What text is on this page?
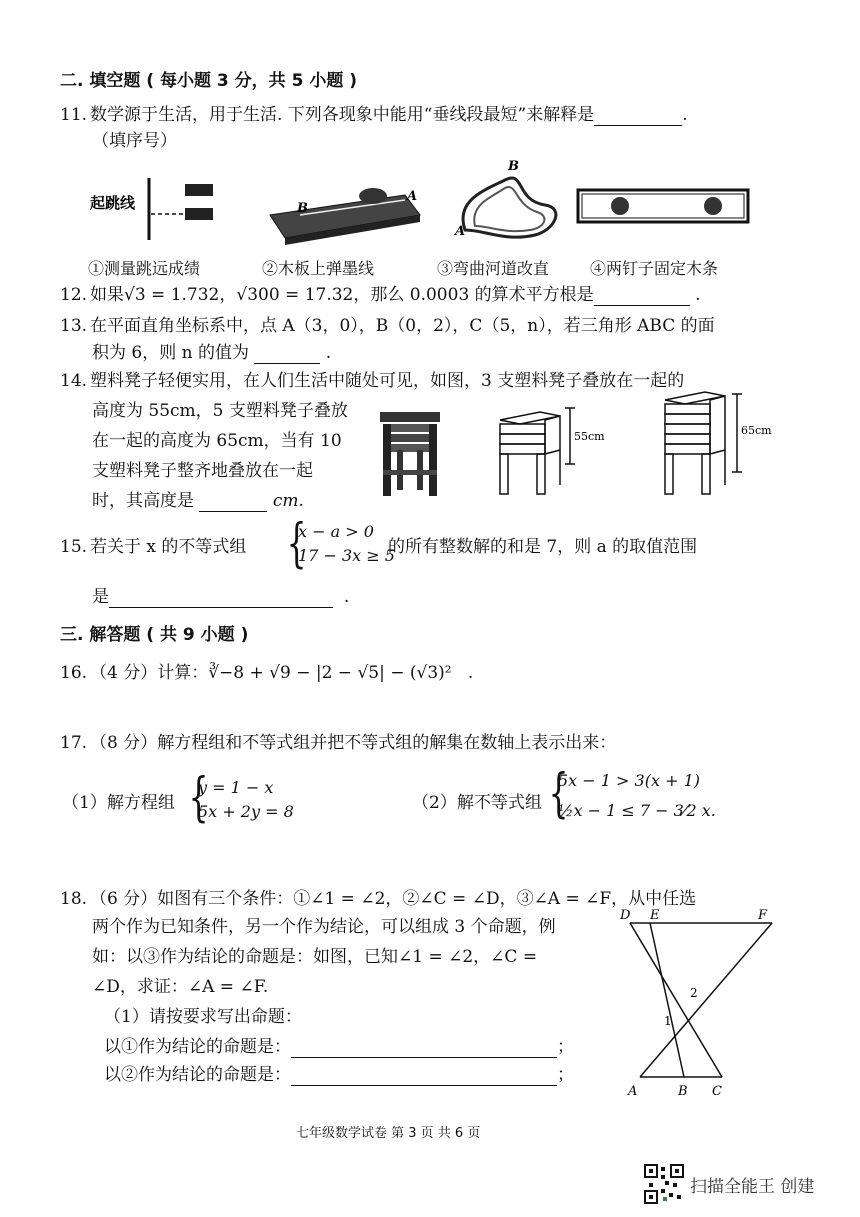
二. 填空题 ( 每小题 3 分，共 5 小题 )
11. 数学源于生活，用于生活. 下列各现象中能用“垂线段最短”来解释是	.
（填序号）
起跳线	B
A
B
A
①测量跳远成绩	②木板上弹墨线	③弯曲河道改直	④两钉子固定木条
12. 如果√3 = 1.732，√300 = 17.32，那么 0.0003 的算术平方根是	.
13. 在平面直角坐标系中，点 A（3，0），B（0，2），C（5，n），若三角形 ABC 的面
积为 6，则 n 的值为	.
14. 塑料凳子轻便实用，在人们生活中随处可见，如图，3 支塑料凳子叠放在一起的
高度为 55cm，5 支塑料凳子叠放
在一起的高度为 65cm，当有 10
支塑料凳子整齐地叠放在一起
时，其高度是	cm.
55cm	65cm
15. 若关于 x 的不等式组 {
x − a > 0
17 − 3x ≥ 5
的所有整数解的和是 7，则 a 的取值范围
是	.
三. 解答题 ( 共 9 小题 )
16. （4 分）计算：∛−8 + √9 − |2 − √5| − (√3)² .
17. （8 分）解方程组和不等式组并把不等式组的解集在数轴上表示出来：
（1）解方程组 {
y = 1 − x
5x + 2y = 8	（2）解不等式组 {
5x − 1 > 3(x + 1)
½x − 1 ≤ 7 − 3⁄2 x.
18. （6 分）如图有三个条件：①∠1 = ∠2，②∠C = ∠D，③∠A = ∠F，从中任选
两个作为已知条件，另一个作为结论，可以组成 3 个命题，例
如：以③作为结论的命题是：如图，已知∠1 = ∠2，∠C =
∠D，求证：∠A = ∠F.
（1）请按要求写出命题：
以①作为结论的命题是：	；
以②作为结论的命题是：	；
D E	F
A	B C
1
2
七年级数学试卷 第 3 页 共 6 页
扫描全能王 创建
